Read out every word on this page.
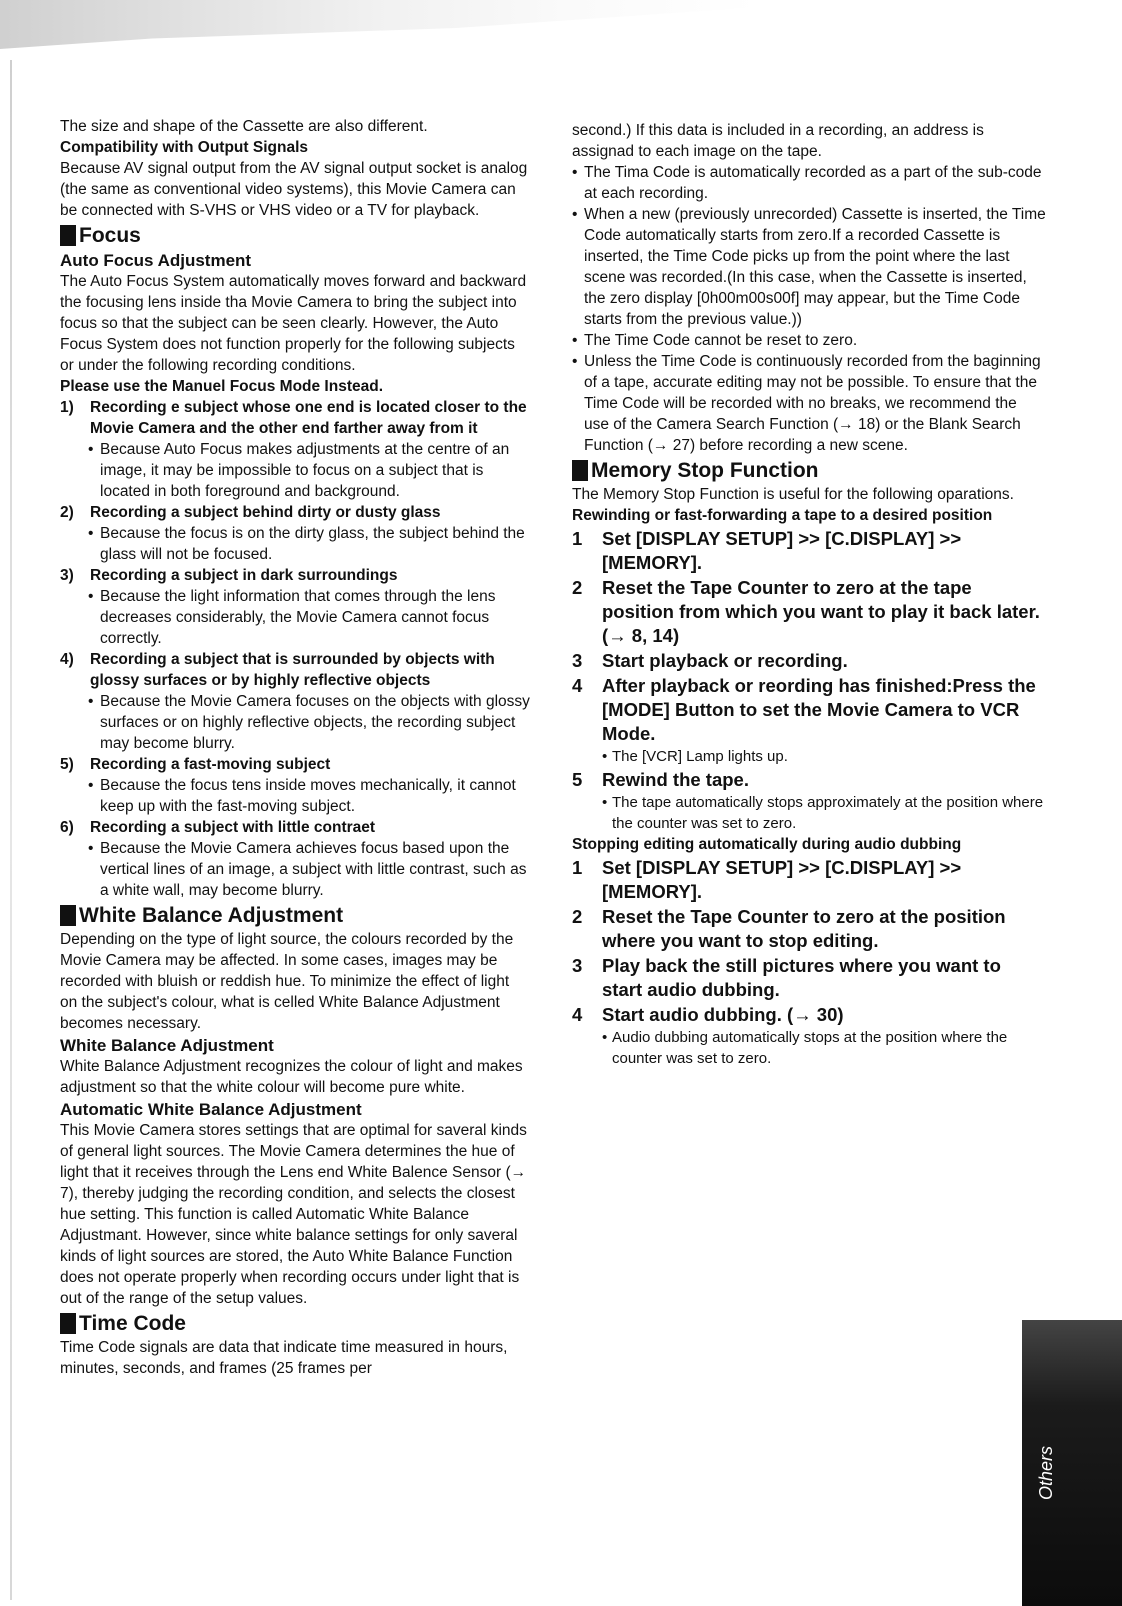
The size and shape of the Cassette are also different.

Compatibility with Output Signals

Because AV signal output from the AV signal output socket is analog (the same as conventional video systems), this Movie Camera can be connected with S-VHS or VHS video or a TV for playback.

Focus

Auto Focus Adjustment

The Auto Focus System automatically moves forward and backward the focusing lens inside tha Movie Camera to bring the subject into focus so that the subject can be seen clearly. However, the Auto Focus System does not function properly for the following subjects or under the following recording conditions.

Please use the Manuel Focus Mode Instead.

1)	Recording e subject whose one end is located closer to the Movie Camera and the other end farther away from it
• Because Auto Focus makes adjustments at the centre of an image, it may be impossible to focus on a subject that is located in both foreground and background.
2)	Recording a subject behind dirty or dusty glass
• Because the focus is on the dirty glass, the subject behind the glass will not be focused.
3)	Recording a subject in dark surroundings
• Because the light information that comes through the lens decreases considerably, the Movie Camera cannot focus correctly.
4)	Recording a subject that is surrounded by objects with glossy surfaces or by highly reflective objects
• Because the Movie Camera focuses on the objects with glossy surfaces or on highly reflective objects, the recording subject may become blurry.
5)	Recording a fast-moving subject
• Because the focus tens inside moves mechanically, it cannot keep up with the fast-moving subject.
6)	Recording a subject with little contraet
• Because the Movie Camera achieves focus based upon the vertical lines of an image, a subject with little contrast, such as a white wall, may become blurry.
White Balance Adjustment

Depending on the type of light source, the colours recorded by the Movie Camera may be affected. In some cases, images may be recorded with bluish or reddish hue. To minimize the effect of light on the subject's colour, what is celled White Balance Adjustment becomes necessary.

White Balance Adjustment

White Balance Adjustment recognizes the colour of light and makes adjustment so that the white colour will become pure white.

Automatic White Balance Adjustment

This Movie Camera stores settings that are optimal for saveral kinds of general light sources. The Movie Camera determines the hue of light that it receives through the Lens end White Balence Sensor (→ 7), thereby judging the recording condition, and selects the closest hue setting. This function is called Automatic White Balance Adjustmant. However, since white balance settings for only saveral kinds of light sources are stored, the Auto White Balance Function does not operate properly when recording occurs under light that is out of the range of the setup values.

Time Code

Time Code signals are data that indicate time measured in hours, minutes, seconds, and frames (25 frames per

second.) If this data is included in a recording, an address is assignad to each image on the tape.

• The Tima Code is automatically recorded as a part of the sub-code at each recording.
• When a new (previously unrecorded) Cassette is inserted, the Time Code automatically starts from zero.If a recorded Cassette is inserted, the Time Code picks up from the point where the last scene was recorded.(In this case, when the Cassette is inserted, the zero display [0h00m00s00f] may appear, but the Time Code starts from the previous value.))
• The Time Code cannot be reset to zero.
• Unless the Time Code is continuously recorded from the baginning of a tape, accurate editing may not be possible. To ensure that the Time Code will be recorded with no breaks, we recommend the use of the Camera Search Function (→ 18) or the Blank Search Function (→ 27) before recording a new scene.
Memory Stop Function

The Memory Stop Function is useful for the following oparations.

Rewinding or fast-forwarding a tape to a desired position

1	Set [DISPLAY SETUP] >> [C.DISPLAY] >> [MEMORY].
2	Reset the Tape Counter to zero at the tape position from which you want to play it back later. (→ 8, 14)
3	Start playback or recording.
4	After playback or reording has finished:Press the [MODE] Button to set the Movie Camera to VCR Mode.
• The [VCR] Lamp lights up.
5	Rewind the tape.
• The tape automatically stops approximately at the position where the counter was set to zero.

Stopping editing automatically during audio dubbing

1	Set [DISPLAY SETUP] >> [C.DISPLAY] >> [MEMORY].
2	Reset the Tape Counter to zero at the position where you want to stop editing.
3	Play back the still pictures where you want to start audio dubbing.
4	Start audio dubbing. (→ 30)
• Audio dubbing automatically stops at the position where the counter was set to zero.
Others
